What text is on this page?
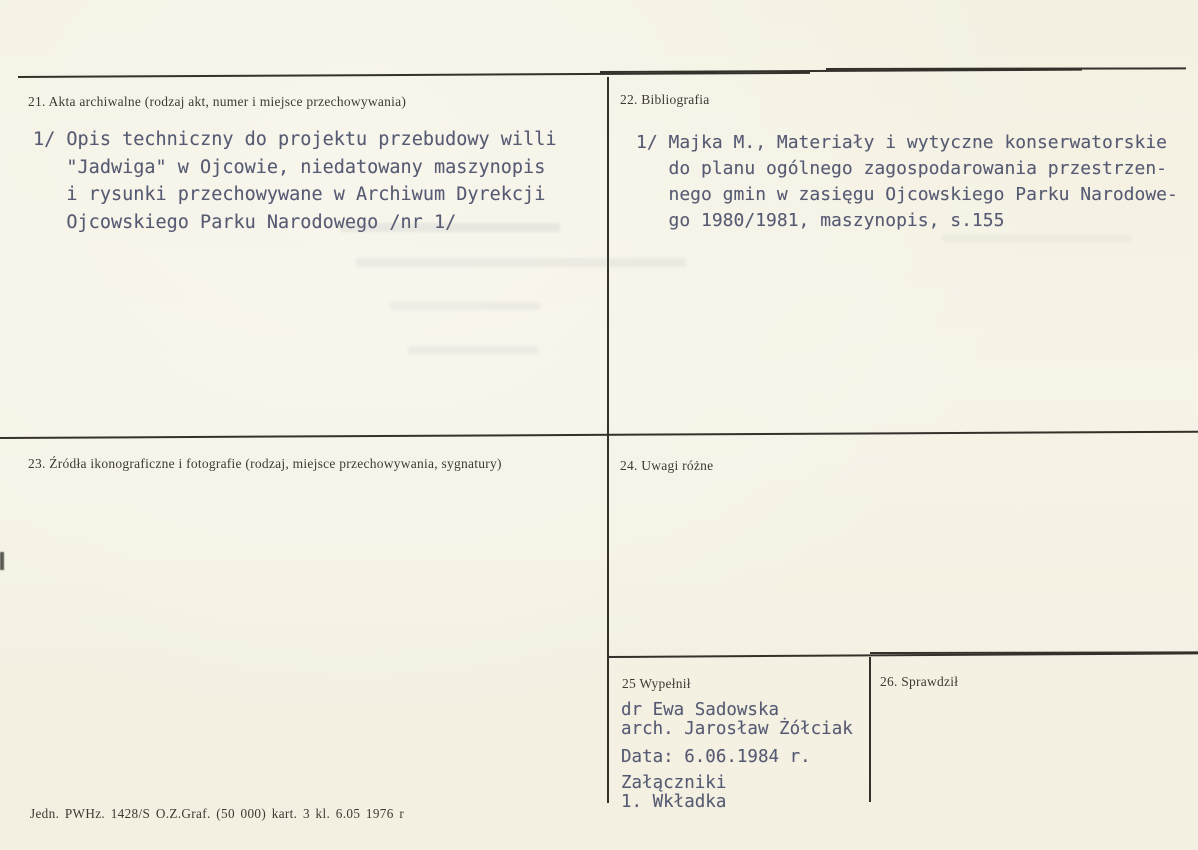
21. Akta archiwalne (rodzaj akt, numer i miejsce przechowywania)
1/ Opis techniczny do projektu przebudowy willi
"Jadwiga" w Ojcowie, niedatowany maszynopis
i rysunki przechowywane w Archiwum Dyrekcji
Ojcowskiego Parku Narodowego /nr 1/
22. Bibliografia
1/ Majka M., Materiały i wytyczne konserwatorskie
do planu ogólnego zagospodarowania przestrzen-
nego gmin w zasięgu Ojcowskiego Parku Narodowe-
go 1980/1981, maszynopis, s.155
23. Źródła ikonograficzne i fotografie (rodzaj, miejsce przechowywania, sygnatury)	24. Uwagi różne
25 Wypełnił
dr Ewa Sadowska
arch. Jarosław Żółciak
Data: 6.06.1984 r.
Załączniki
1. Wkładka
26. Sprawdził
Jedn. PWHz. 1428/S O.Z.Graf. (50 000) kart. 3 kl. 6.05 1976 r
